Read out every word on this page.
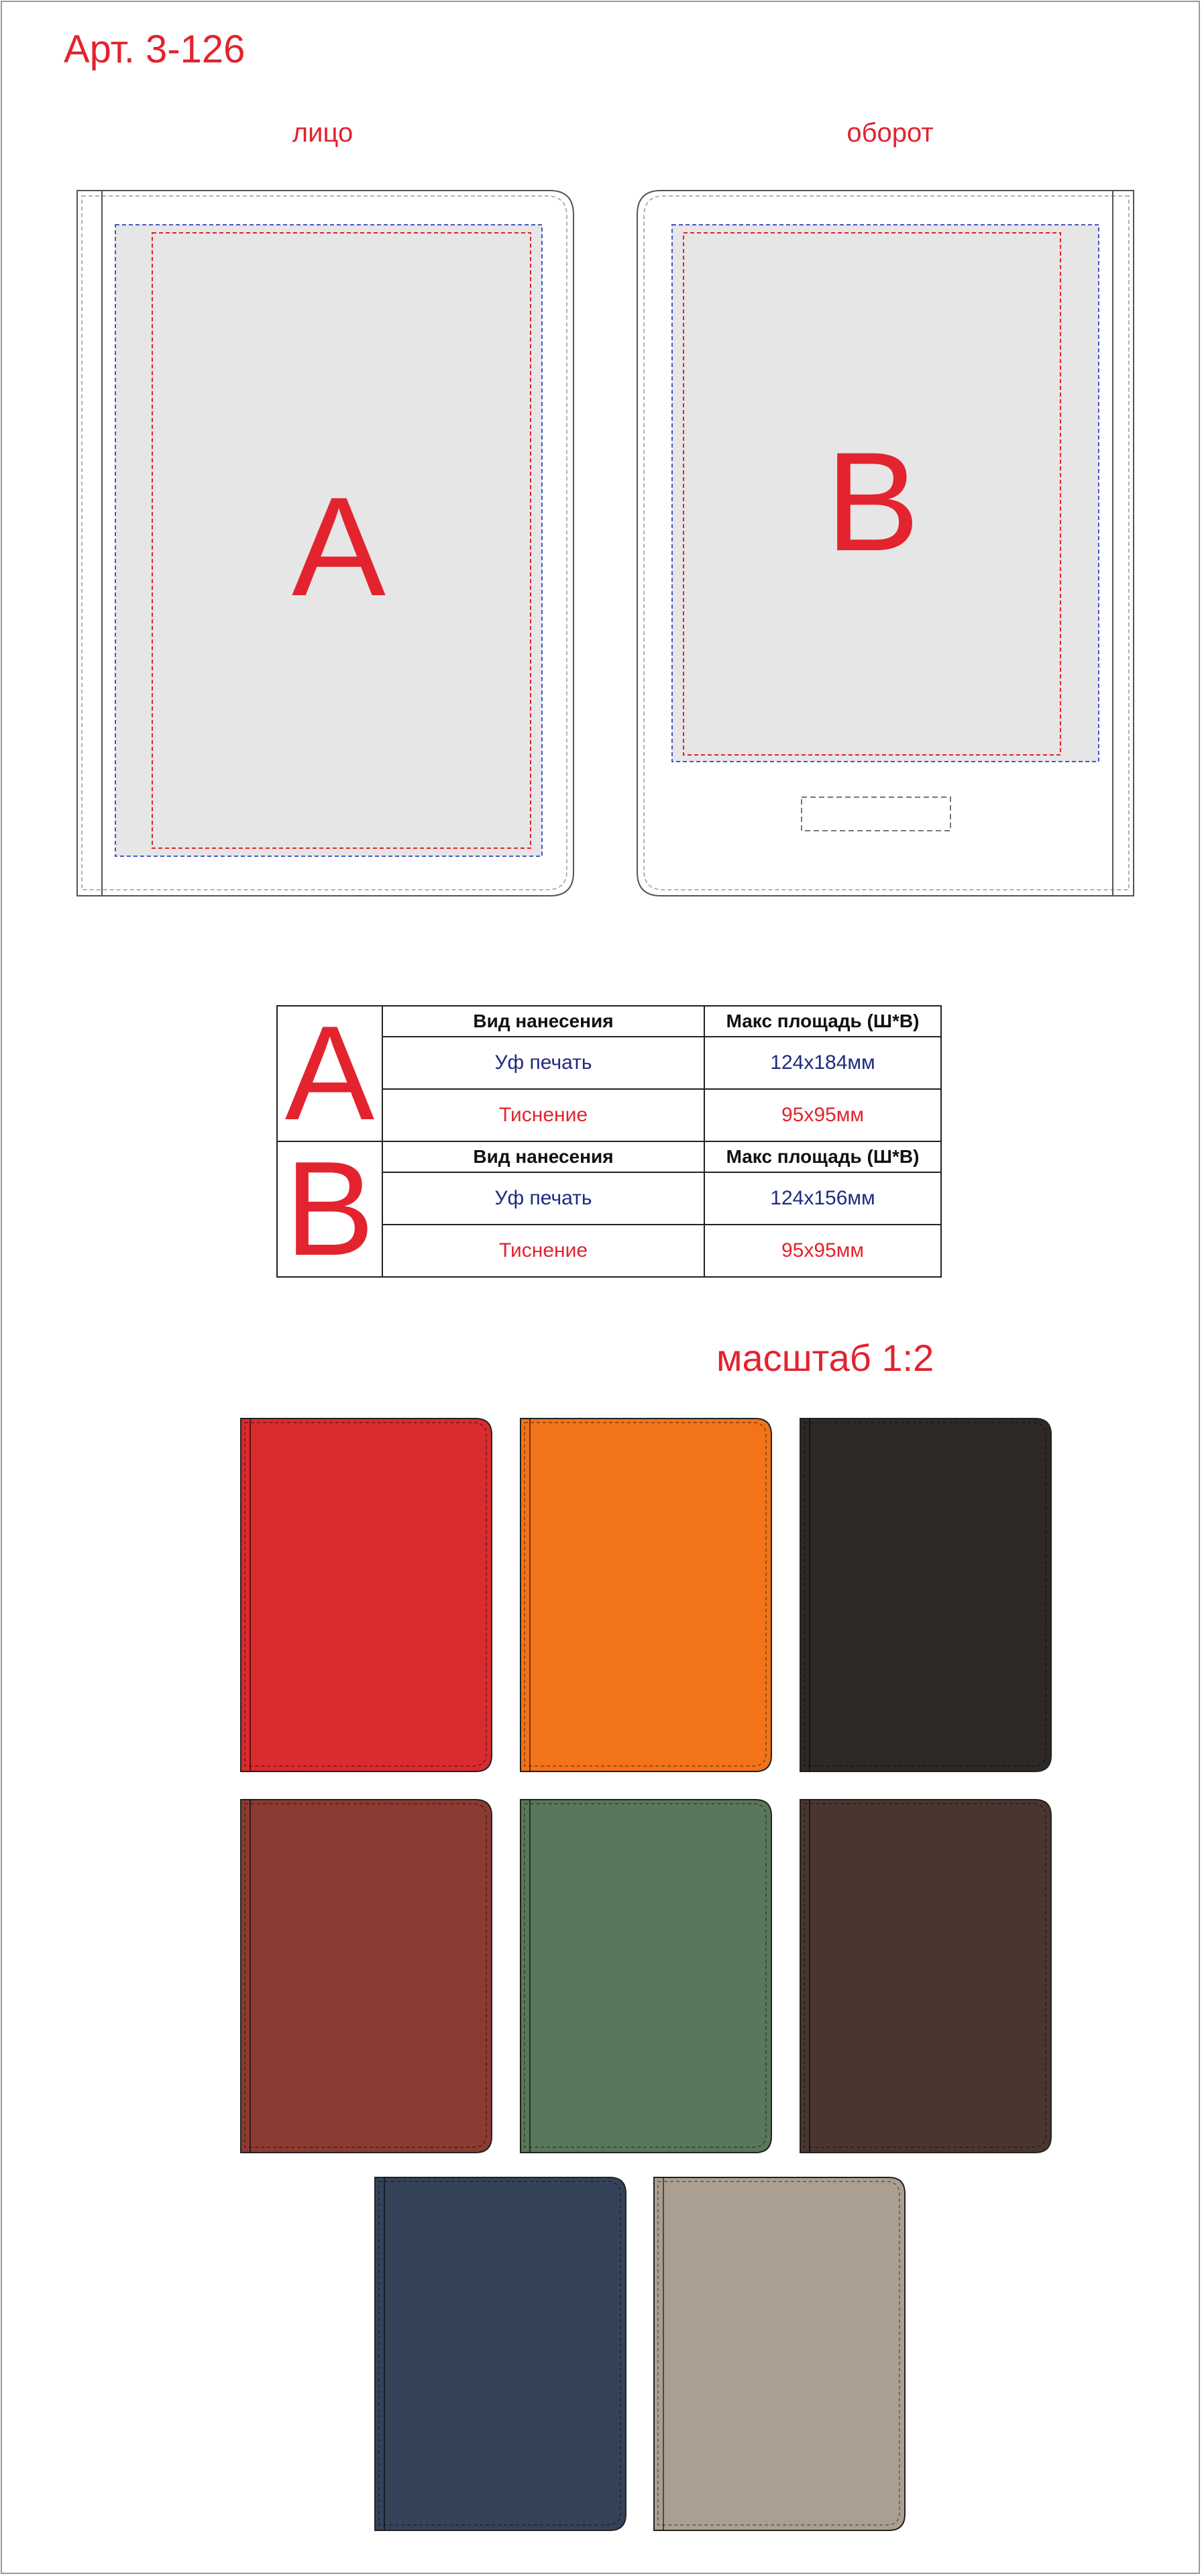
Арт. 3-126
лицо	оборот
A	B
A	Вид нанесения	Макс площадь (Ш*В)
	Уф печать	124х184мм
	Тиснение	95х95мм
B	Вид нанесения	Макс площадь (Ш*В)
	Уф печать	124х156мм
	Тиснение	95х95мм
масштаб 1:2
